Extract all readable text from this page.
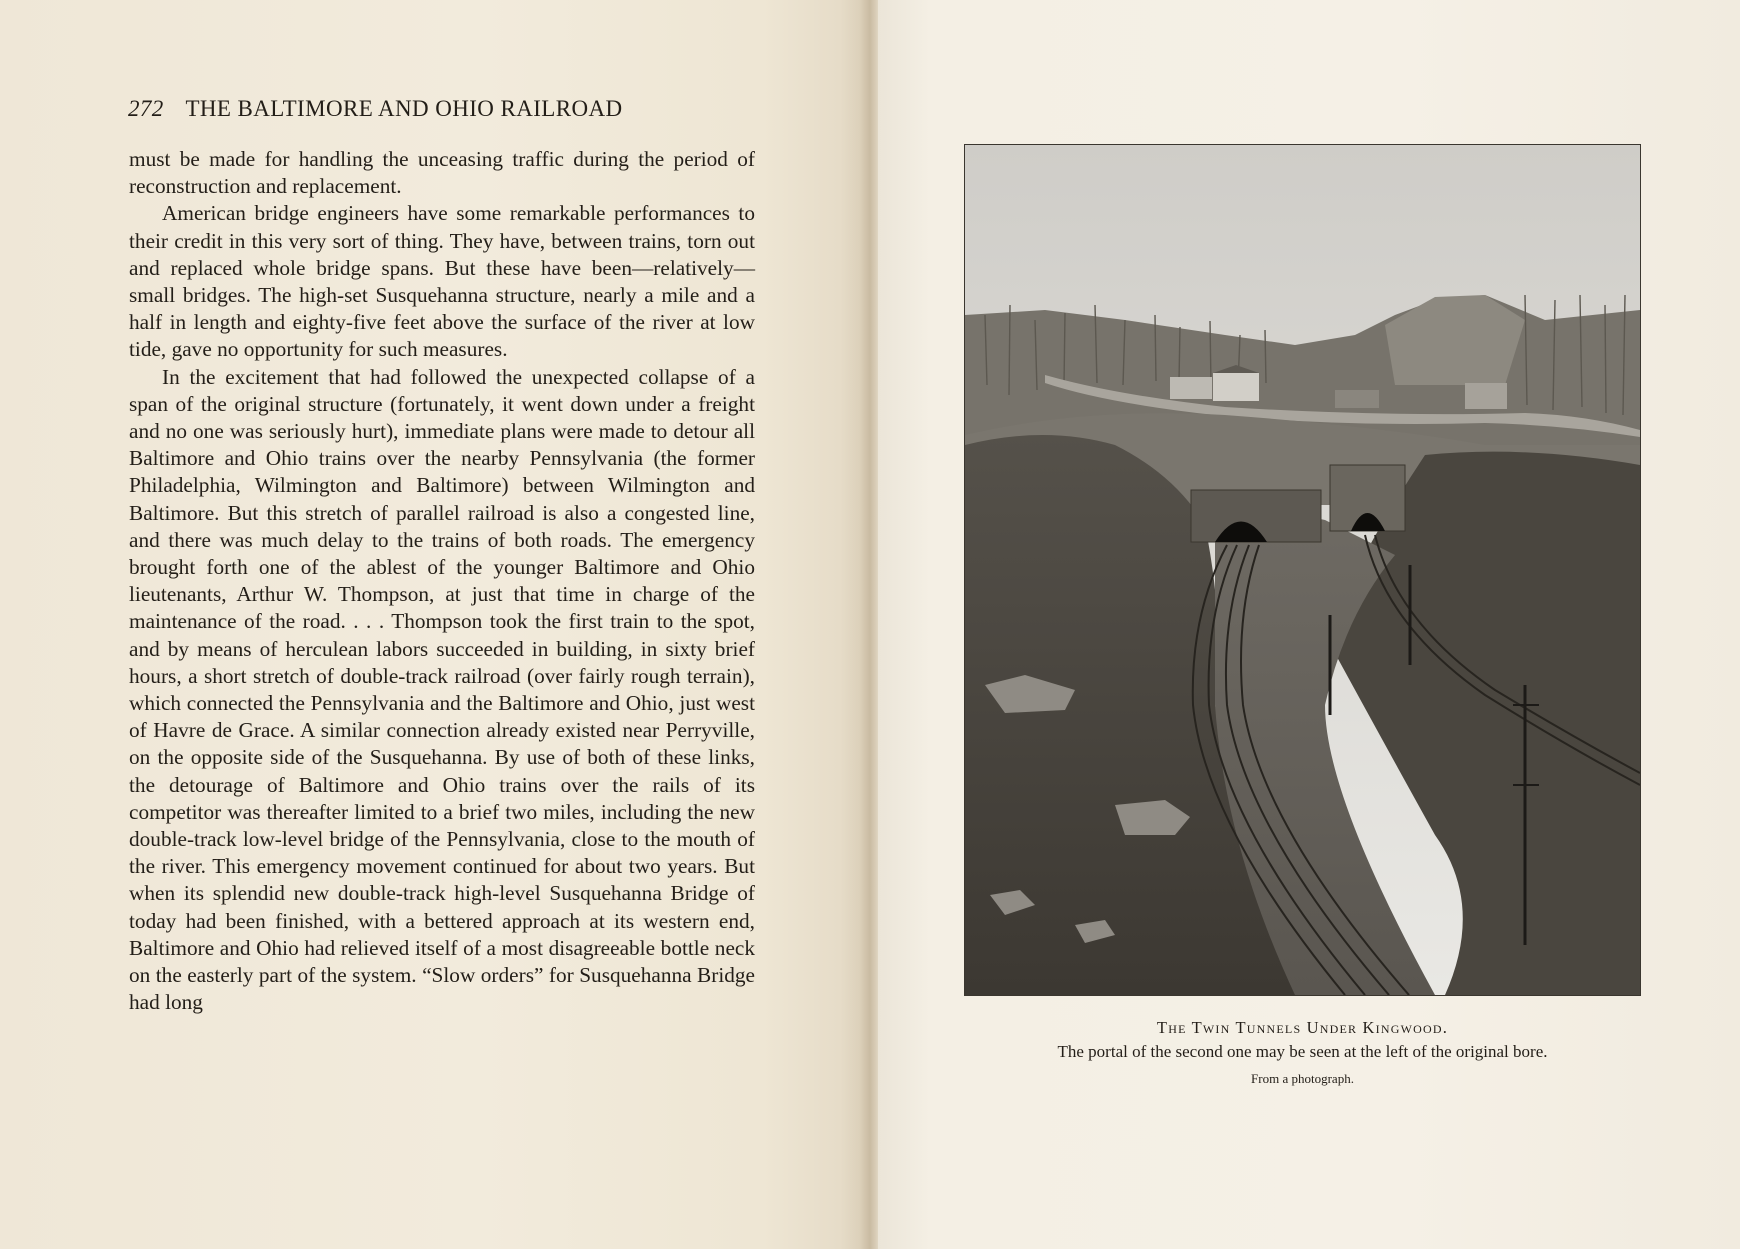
272 THE BALTIMORE AND OHIO RAILROAD

must be made for handling the unceasing traffic during the period of reconstruction and replacement.

American bridge engineers have some remarkable performances to their credit in this very sort of thing. They have, between trains, torn out and replaced whole bridge spans. But these have been—relatively—small bridges. The high-set Susquehanna structure, nearly a mile and a half in length and eighty-five feet above the surface of the river at low tide, gave no opportunity for such measures.

In the excitement that had followed the unexpected collapse of a span of the original structure (fortunately, it went down under a freight and no one was seriously hurt), immediate plans were made to detour all Baltimore and Ohio trains over the nearby Pennsylvania (the former Philadelphia, Wilmington and Baltimore) between Wilmington and Baltimore. But this stretch of parallel railroad is also a congested line, and there was much delay to the trains of both roads. The emergency brought forth one of the ablest of the younger Baltimore and Ohio lieutenants, Arthur W. Thompson, at just that time in charge of the maintenance of the road. . . . Thompson took the first train to the spot, and by means of herculean labors succeeded in building, in sixty brief hours, a short stretch of double-track railroad (over fairly rough terrain), which connected the Pennsylvania and the Baltimore and Ohio, just west of Havre de Grace. A similar connection already existed near Perryville, on the opposite side of the Susquehanna. By use of both of these links, the detourage of Baltimore and Ohio trains over the rails of its competitor was thereafter limited to a brief two miles, including the new double-track low-level bridge of the Pennsylvania, close to the mouth of the river. This emergency movement continued for about two years. But when its splendid new double-track high-level Susquehanna Bridge of today had been finished, with a bettered approach at its western end, Baltimore and Ohio had relieved itself of a most disagreeable bottle neck on the easterly part of the system. “Slow orders” for Susquehanna Bridge had long

The Twin Tunnels Under Kingwood.
The portal of the second one may be seen at the left of the original bore.
From a photograph.
